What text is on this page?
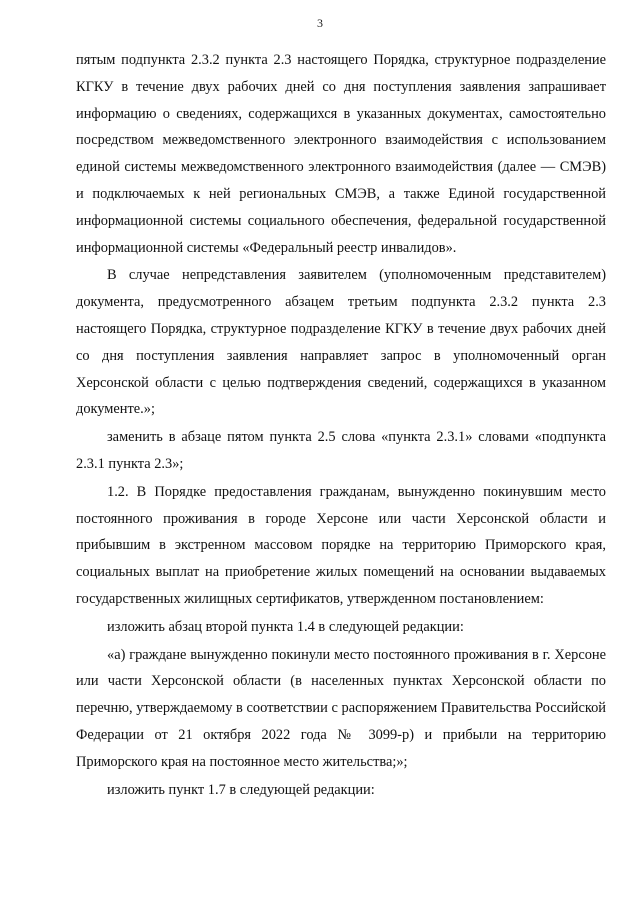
3

пятым подпункта 2.3.2 пункта 2.3 настоящего Порядка, структурное подразделение КГКУ в течение двух рабочих дней со дня поступления заявления запрашивает информацию о сведениях, содержащихся в указанных документах, самостоятельно посредством межведомственного электронного взаимодействия с использованием единой системы межведомственного электронного взаимодействия (далее — СМЭВ) и подключаемых к ней региональных СМЭВ, а также Единой государственной информационной системы социального обеспечения, федеральной государственной информационной системы «Федеральный реестр инвалидов».

В случае непредставления заявителем (уполномоченным представителем) документа, предусмотренного абзацем третьим подпункта 2.3.2 пункта 2.3 настоящего Порядка, структурное подразделение КГКУ в течение двух рабочих дней со дня поступления заявления направляет запрос в уполномоченный орган Херсонской области с целью подтверждения сведений, содержащихся в указанном документе.»;

заменить в абзаце пятом пункта 2.5 слова «пункта 2.3.1» словами «подпункта 2.3.1 пункта 2.3»;

1.2. В Порядке предоставления гражданам, вынужденно покинувшим место постоянного проживания в городе Херсоне или части Херсонской области и прибывшим в экстренном массовом порядке на территорию Приморского края, социальных выплат на приобретение жилых помещений на основании выдаваемых государственных жилищных сертификатов, утвержденном постановлением:

изложить абзац второй пункта 1.4 в следующей редакции:

«а) граждане вынужденно покинули место постоянного проживания в г. Херсоне или части Херсонской области (в населенных пунктах Херсонской области по перечню, утверждаемому в соответствии с распоряжением Правительства Российской Федерации от 21 октября 2022 года № 3099-р) и прибыли на территорию Приморского края на постоянное место жительства;»;

изложить пункт 1.7 в следующей редакции:
